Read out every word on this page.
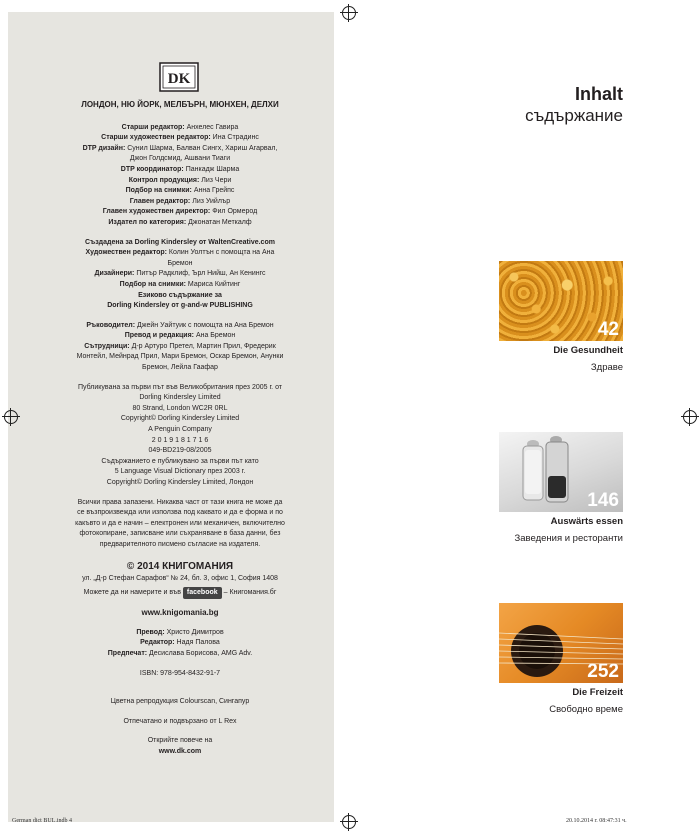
DK

ЛОНДОН, НЮ ЙОРК, МЕЛБЪРН, МЮНХЕН, ДЕЛХИ

Старши редактор: Анхелес Гавира

Старши художествен редактор: Ина Страдинс

DTP дизайн: Сунил Шарма, Балван Сингх, Хариш Агарвал, Джон Голдсмид, Ашвани Тиаги

DTP координатор: Панкадж Шарма

Контрол продукция: Лиз Чери

Подбор на снимки: Анна Грейпс

Главен редактор: Лиз Уийлър

Главен художествен директор: Фил Ормерод

Издател по категория: Джонатан Меткалф

Създадена за Dorling Kindersley от WaltenCreative.com

Художествен редактор: Колин Уолтън с помощта на Ана Бремон

Дизайнери: Питър Радклиф, Ърл Нийш, Ан Кенингс

Подбор на снимки: Мариса Кийтинг

Езиково съдържание за

Dorling Kindersley от g-and-w PUBLISHING

Ръководител: Джейн Уайтуик с помощта на Ана Бремон

Превод и редакция: Ана Бремон

Сътрудници: Д-р Артуро Претел, Мартин Прил, Фредерик Монтейл, Мейнрад Прил, Мари Бремон, Оскар Бремон, Анунки Бремон, Лейла Гаафар

Публикувана за първи път във Великобритания през 2005 г. от

Dorling Kindersley Limited

80 Strand, London WC2R 0RL

Copyright© Dorling Kindersley Limited

A Penguin Company

2 0 1 9 1 8 1 7 1 6

049-BD219-08/2005

Съдържанието е публикувано за първи път като

5 Language Visual Dictionary през 2003 г.

Copyright© Dorling Kindersley Limited, Лондон

Всички права запазени. Никаква част от тази книга не може да се възпроизвежда или използва под каквато и да е форма и по какъвто и да е начин – електронен или механичен, включително фотокопиране, записване или съхраняване в база данни, без предварителното писмено съгласие на издателя.

© 2014 КНИГОМАНИЯ

ул. „Д-р Стефан Сарафов“ № 24, бл. 3, офис 1, София 1408

Можете да ни намерите и във facebook – Книгомания.бг

www.knigomania.bg

Превод: Христо Димитров

Редактор: Надя Палова

Предпечат: Десислава Борисова, AMG Adv.

ISBN: 978-954-8432-91-7

Цветна репродукция Colourscan, Сингапур

Отпечатано и подвързано от L Rex

Открийте повече на

www.dk.com

Inhalt
съдържание
42
Die Gesundheit
Здраве
146
Auswärts essen
Заведения и ресторанти
252
Die Freizeit
Свободно време
German dict BUL.indb 4	20.10.2014 г. 08:47:31 ч.
